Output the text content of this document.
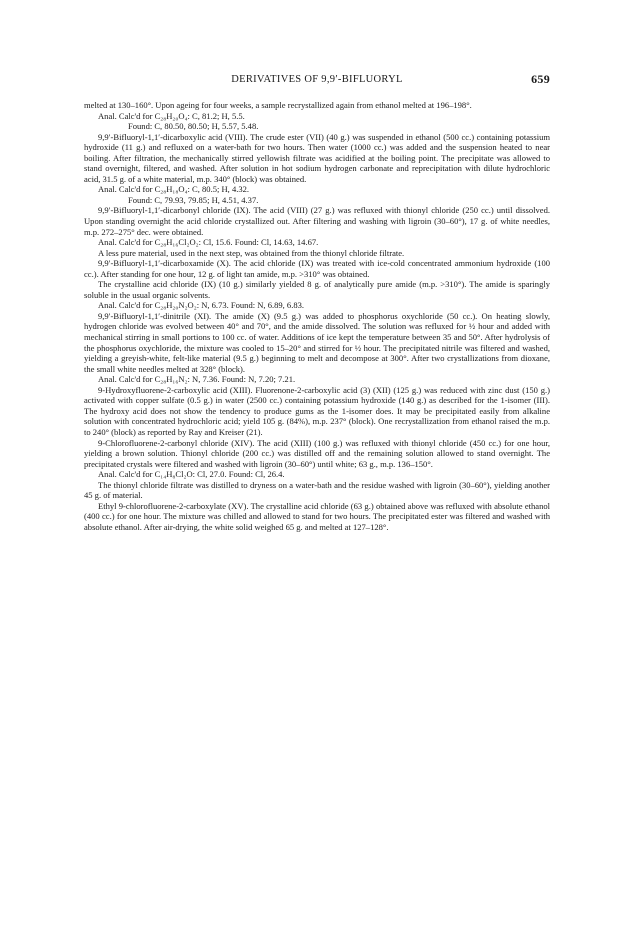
DERIVATIVES OF 9,9′-BIFLUORYL	659

melted at 130–160°. Upon ageing for four weeks, a sample recrystallized again from ethanol melted at 196–198°.

Anal. Calc'd for C₂₈H₂₀O₄: C, 81.2; H, 5.5.

Found: C, 80.50, 80.50; H, 5.57, 5.48.

9,9′-Bifluoryl-1,1′-dicarboxylic acid (VIII). The crude ester (VII) (40 g.) was suspended in ethanol (500 cc.) containing potassium hydroxide (11 g.) and refluxed on a water-bath for two hours. Then water (1000 cc.) was added and the suspension heated to near boiling. After filtration, the mechanically stirred yellowish filtrate was acidified at the boiling point. The precipitate was allowed to stand overnight, filtered, and washed. After solution in hot sodium hydrogen carbonate and reprecipitation with dilute hydrochloric acid, 31.5 g. of a white material, m.p. 340° (block) was obtained.

Anal. Calc'd for C₂₈H₁₈O₄: C, 80.5; H, 4.32.

Found: C, 79.93, 79.85; H, 4.51, 4.37.

9,9′-Bifluoryl-1,1′-dicarbonyl chloride (IX). The acid (VIII) (27 g.) was refluxed with thionyl chloride (250 cc.) until dissolved. Upon standing overnight the acid chloride crystallized out. After filtering and washing with ligroin (30–60°), 17 g. of white needles, m.p. 272–275° dec. were obtained.

Anal. Calc'd for C₂₈H₁₆Cl₂O₂: Cl, 15.6. Found: Cl, 14.63, 14.67.

A less pure material, used in the next step, was obtained from the thionyl chloride filtrate.

9,9′-Bifluoryl-1,1′-dicarboxamide (X). The acid chloride (IX) was treated with ice-cold concentrated ammonium hydroxide (100 cc.). After standing for one hour, 12 g. of light tan amide, m.p. >310° was obtained.

The crystalline acid chloride (IX) (10 g.) similarly yielded 8 g. of analytically pure amide (m.p. >310°). The amide is sparingly soluble in the usual organic solvents.

Anal. Calc'd for C₂₈H₂₀N₂O₂: N, 6.73. Found: N, 6.89, 6.83.

9,9′-Bifluoryl-1,1′-dinitrile (XI). The amide (X) (9.5 g.) was added to phosphorus oxychloride (50 cc.). On heating slowly, hydrogen chloride was evolved between 40° and 70°, and the amide dissolved. The solution was refluxed for ½ hour and added with mechanical stirring in small portions to 100 cc. of water. Additions of ice kept the temperature between 35 and 50°. After hydrolysis of the phosphorus oxychloride, the mixture was cooled to 15–20° and stirred for ½ hour. The precipitated nitrile was filtered and washed, yielding a greyish-white, felt-like material (9.5 g.) beginning to melt and decompose at 300°. After two crystallizations from dioxane, the small white needles melted at 328° (block).

Anal. Calc'd for C₂₈H₁₆N₂: N, 7.36. Found: N, 7.20; 7.21.

9-Hydroxyfluorene-2-carboxylic acid (XIII). Fluorenone-2-carboxylic acid (3) (XII) (125 g.) was reduced with zinc dust (150 g.) activated with copper sulfate (0.5 g.) in water (2500 cc.) containing potassium hydroxide (140 g.) as described for the 1-isomer (III). The hydroxy acid does not show the tendency to produce gums as the 1-isomer does. It may be precipitated easily from alkaline solution with concentrated hydrochloric acid; yield 105 g. (84%), m.p. 237° (block). One recrystallization from ethanol raised the m.p. to 240° (block) as reported by Ray and Kreiser (21).

9-Chlorofluorene-2-carbonyl chloride (XIV). The acid (XIII) (100 g.) was refluxed with thionyl chloride (450 cc.) for one hour, yielding a brown solution. Thionyl chloride (200 cc.) was distilled off and the remaining solution allowed to stand overnight. The precipitated crystals were filtered and washed with ligroin (30–60°) until white; 63 g., m.p. 136–150°.

Anal. Calc'd for C₁₄H₈Cl₂O: Cl, 27.0. Found: Cl, 26.4.

The thionyl chloride filtrate was distilled to dryness on a water-bath and the residue washed with ligroin (30–60°), yielding another 45 g. of material.

Ethyl 9-chlorofluorene-2-carboxylate (XV). The crystalline acid chloride (63 g.) obtained above was refluxed with absolute ethanol (400 cc.) for one hour. The mixture was chilled and allowed to stand for two hours. The precipitated ester was filtered and washed with absolute ethanol. After air-drying, the white solid weighed 65 g. and melted at 127–128°.
